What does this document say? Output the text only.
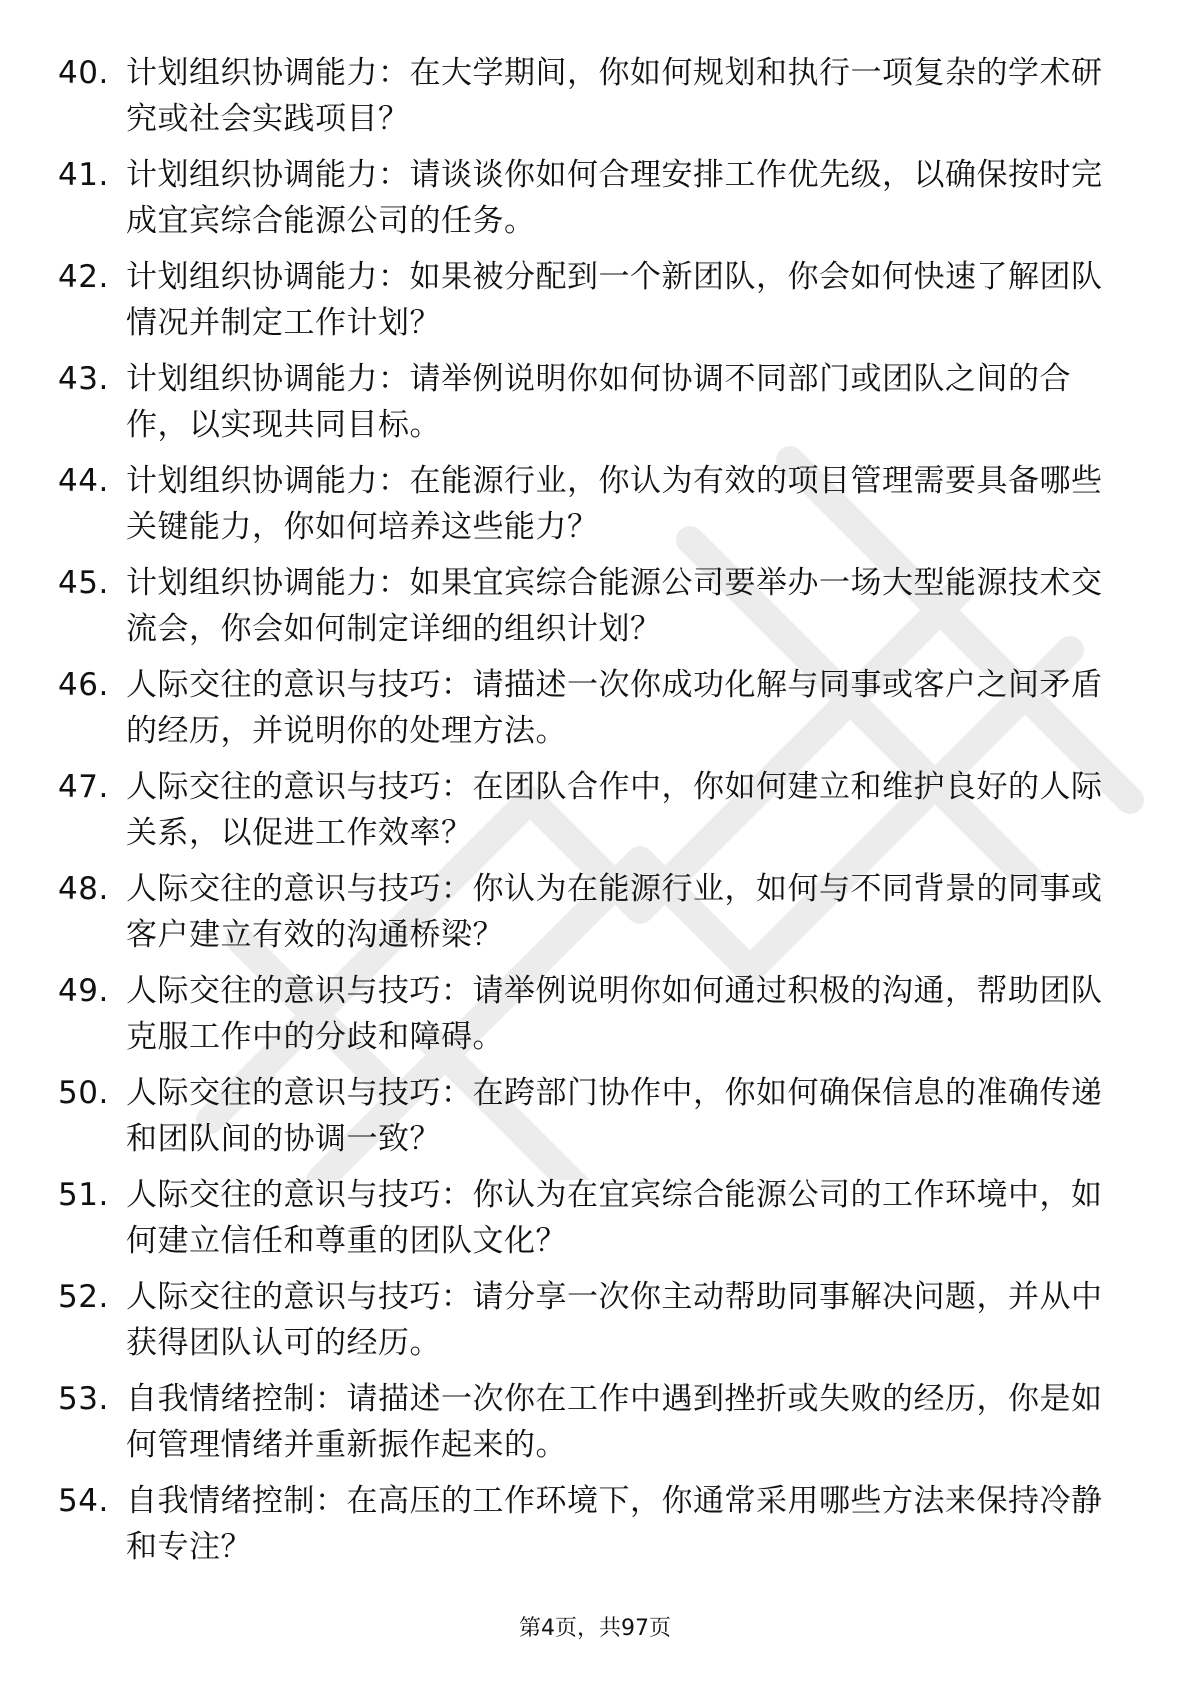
40. 计划组织协调能力：在大学期间，你如何规划和执行一项复杂的学术研究或社会实践项目？
41. 计划组织协调能力：请谈谈你如何合理安排工作优先级，以确保按时完成宜宾综合能源公司的任务。
42. 计划组织协调能力：如果被分配到一个新团队，你会如何快速了解团队情况并制定工作计划？
43. 计划组织协调能力：请举例说明你如何协调不同部门或团队之间的合作，以实现共同目标。
44. 计划组织协调能力：在能源行业，你认为有效的项目管理需要具备哪些关键能力，你如何培养这些能力？
45. 计划组织协调能力：如果宜宾综合能源公司要举办一场大型能源技术交流会，你会如何制定详细的组织计划？
46. 人际交往的意识与技巧：请描述一次你成功化解与同事或客户之间矛盾的经历，并说明你的处理方法。
47. 人际交往的意识与技巧：在团队合作中，你如何建立和维护良好的人际关系，以促进工作效率？
48. 人际交往的意识与技巧：你认为在能源行业，如何与不同背景的同事或客户建立有效的沟通桥梁？
49. 人际交往的意识与技巧：请举例说明你如何通过积极的沟通，帮助团队克服工作中的分歧和障碍。
50. 人际交往的意识与技巧：在跨部门协作中，你如何确保信息的准确传递和团队间的协调一致？
51. 人际交往的意识与技巧：你认为在宜宾综合能源公司的工作环境中，如何建立信任和尊重的团队文化？
52. 人际交往的意识与技巧：请分享一次你主动帮助同事解决问题，并从中获得团队认可的经历。
53. 自我情绪控制：请描述一次你在工作中遇到挫折或失败的经历，你是如何管理情绪并重新振作起来的。
54. 自我情绪控制：在高压的工作环境下，你通常采用哪些方法来保持冷静和专注？
第4页，共97页
